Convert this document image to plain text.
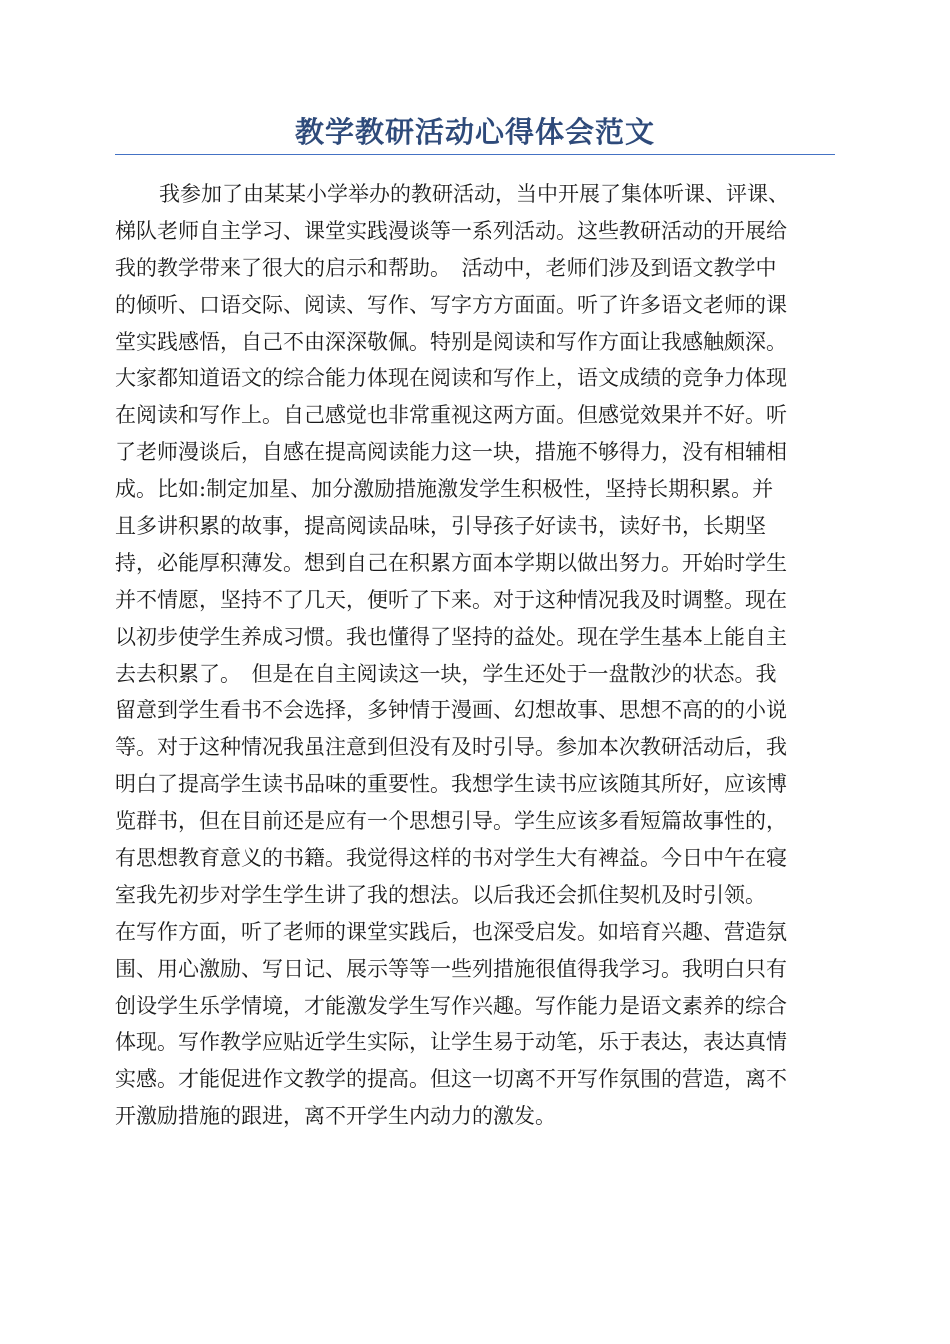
教学教研活动心得体会范文
我参加了由某某小学举办的教研活动，当中开展了集体听课、评课、
梯队老师自主学习、课堂实践漫谈等一系列活动。这些教研活动的开展给
我的教学带来了很大的启示和帮助。　活动中，老师们涉及到语文教学中
的倾听、口语交际、阅读、写作、写字方方面面。听了许多语文老师的课
堂实践感悟，自己不由深深敬佩。特别是阅读和写作方面让我感触颇深。
大家都知道语文的综合能力体现在阅读和写作上，语文成绩的竞争力体现
在阅读和写作上。自己感觉也非常重视这两方面。但感觉效果并不好。听
了老师漫谈后，自感在提高阅读能力这一块，措施不够得力，没有相辅相
成。比如:制定加星、加分激励措施激发学生积极性，坚持长期积累。并
且多讲积累的故事，提高阅读品味，引导孩子好读书，读好书，长期坚
持，必能厚积薄发。想到自己在积累方面本学期以做出努力。开始时学生
并不情愿，坚持不了几天，便听了下来。对于这种情况我及时调整。现在
以初步使学生养成习惯。我也懂得了坚持的益处。现在学生基本上能自主
去去积累了。　但是在自主阅读这一块，学生还处于一盘散沙的状态。我
留意到学生看书不会选择，多钟情于漫画、幻想故事、思想不高的的小说
等。对于这种情况我虽注意到但没有及时引导。参加本次教研活动后，我
明白了提高学生读书品味的重要性。我想学生读书应该随其所好，应该博
览群书，但在目前还是应有一个思想引导。学生应该多看短篇故事性的，
有思想教育意义的书籍。我觉得这样的书对学生大有裨益。今日中午在寝
室我先初步对学生学生讲了我的想法。以后我还会抓住契机及时引领。
在写作方面，听了老师的课堂实践后，也深受启发。如培育兴趣、营造氛
围、用心激励、写日记、展示等等一些列措施很值得我学习。我明白只有
创设学生乐学情境，才能激发学生写作兴趣。写作能力是语文素养的综合
体现。写作教学应贴近学生实际，让学生易于动笔，乐于表达，表达真情
实感。才能促进作文教学的提高。但这一切离不开写作氛围的营造，离不
开激励措施的跟进，离不开学生内动力的激发。
